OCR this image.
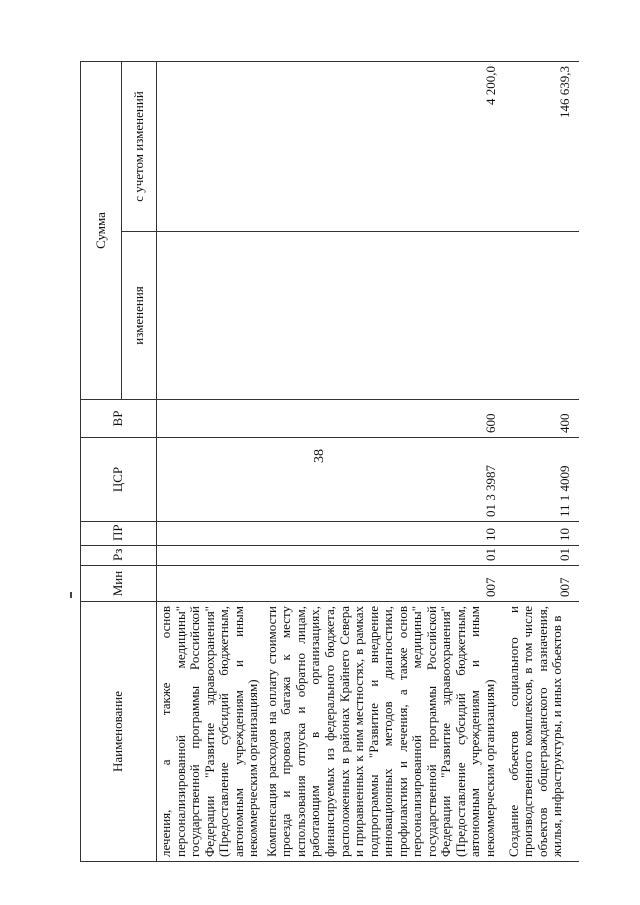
38
Наименование	Мин	Рз	ПР	ЦСР	ВР	Сумма	
						изменения	с учетом изменений
лечения, а также основ персонализированной медицины" государственной программы Российской Федерации "Развитие здравоохранения" (Предоставление субсидий бюджетным, автономным учреждениям и иным некоммерческим организациям)							
Компенсация расходов на оплату стоимости проезда и провоза багажа к месту использования отпуска и обратно лицам, работающим в организациях, финансируемых из федерального бюджета, расположенных в районах Крайнего Севера и приравненных к ним местностях, в рамках подпрограммы "Развитие и внедрение инновационных методов диагностики, профилактики и лечения, а также основ персонализированной медицины" государственной программы Российской Федерации "Развитие здравоохранения" (Предоставление субсидий бюджетным, автономным учреждениям и иным некоммерческим организациям)	007	01	10	01 3 3987	600		4 200,0
Создание объектов социального и производственного комплексов, в том числе объектов общегражданского назначения, жилья, инфраструктуры, и иных объектов в	007	01	10	11 1 4009	400		146 639,3
